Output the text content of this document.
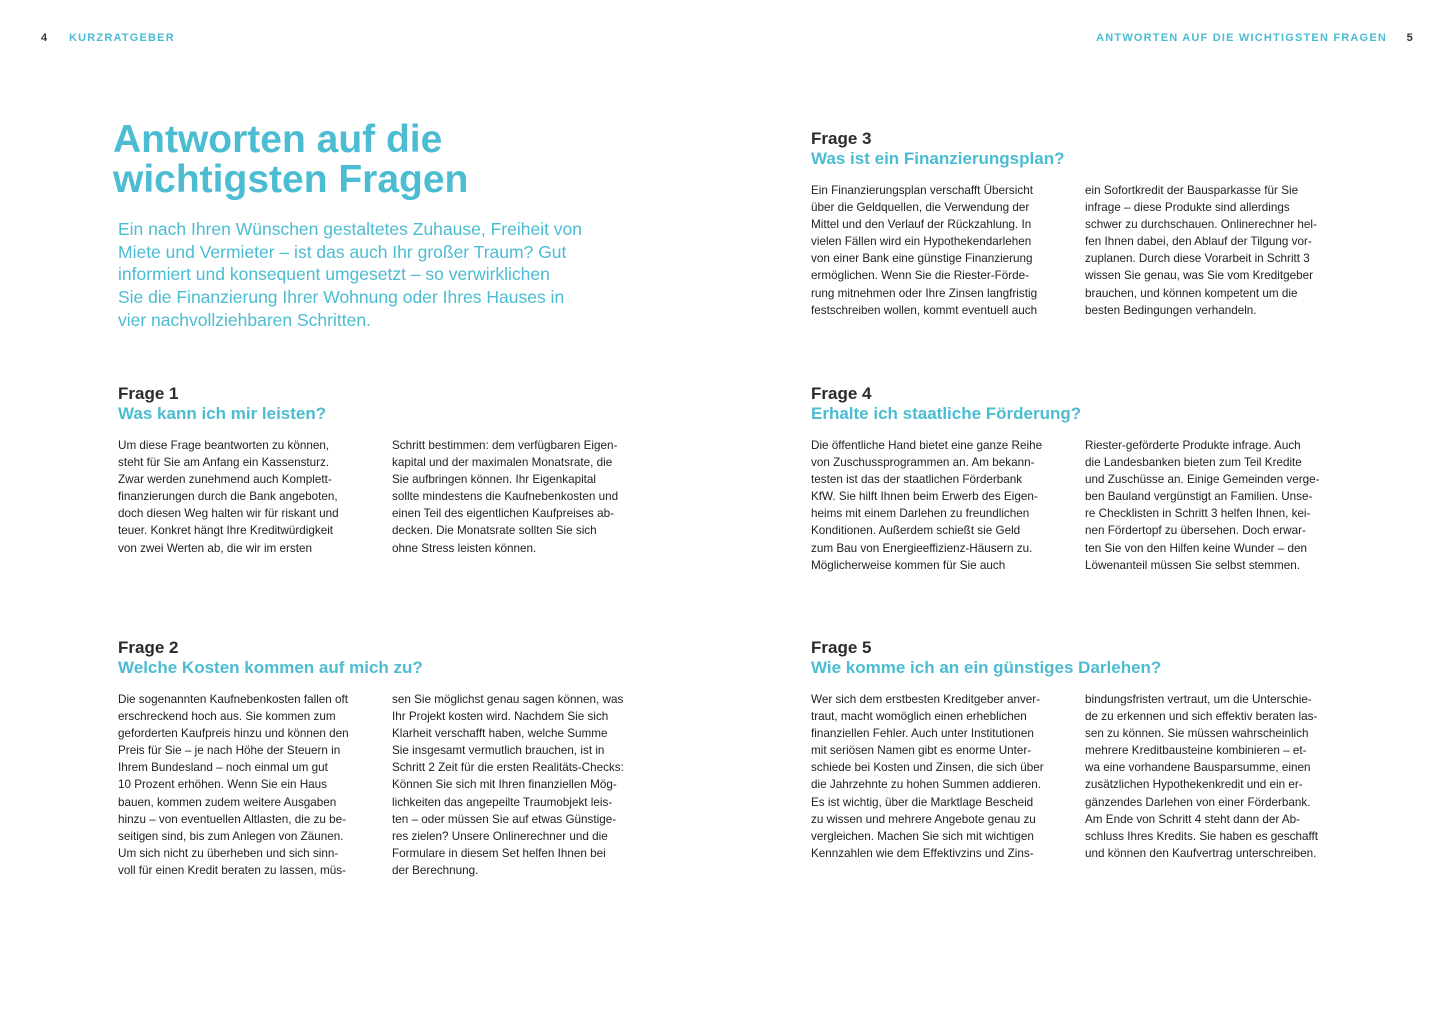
4 KURZRATGEBER	ANTWORTEN AUF DIE WICHTIGSTEN FRAGEN 5
Antworten auf die
wichtigsten Fragen

Ein nach Ihren Wünschen gestaltetes Zuhause, Freiheit von
Miete und Vermieter – ist das auch Ihr großer Traum? Gut
informiert und konsequent umgesetzt – so verwirklichen
Sie die Finanzierung Ihrer Wohnung oder Ihres Hauses in
vier nachvollziehbaren Schritten.

Frage 1
Was kann ich mir leisten?

Um diese Frage beantworten zu können,
steht für Sie am Anfang ein Kassensturz.
Zwar werden zunehmend auch Komplett-
finanzierungen durch die Bank angeboten,
doch diesen Weg halten wir für riskant und
teuer. Konkret hängt Ihre Kreditwürdigkeit
von zwei Werten ab, die wir im ersten

Schritt bestimmen: dem verfügbaren Eigen-
kapital und der maximalen Monatsrate, die
Sie aufbringen können. Ihr Eigenkapital
sollte mindestens die Kaufnebenkosten und
einen Teil des eigentlichen Kaufpreises ab-
decken. Die Monatsrate sollten Sie sich
ohne Stress leisten können.

Frage 2
Welche Kosten kommen auf mich zu?

Die sogenannten Kaufnebenkosten fallen oft
erschreckend hoch aus. Sie kommen zum
geforderten Kaufpreis hinzu und können den
Preis für Sie – je nach Höhe der Steuern in
Ihrem Bundesland – noch einmal um gut
10 Prozent erhöhen. Wenn Sie ein Haus
bauen, kommen zudem weitere Ausgaben
hinzu – von eventuellen Altlasten, die zu be-
seitigen sind, bis zum Anlegen von Zäunen.
Um sich nicht zu überheben und sich sinn-
voll für einen Kredit beraten zu lassen, müs-

sen Sie möglichst genau sagen können, was
Ihr Projekt kosten wird. Nachdem Sie sich
Klarheit verschafft haben, welche Summe
Sie insgesamt vermutlich brauchen, ist in
Schritt 2 Zeit für die ersten Realitäts-Checks:
Können Sie sich mit Ihren finanziellen Mög-
lichkeiten das angepeilte Traumobjekt leis-
ten – oder müssen Sie auf etwas Günstige-
res zielen? Unsere Onlinerechner und die
Formulare in diesem Set helfen Ihnen bei
der Berechnung.

Frage 3
Was ist ein Finanzierungsplan?

Ein Finanzierungsplan verschafft Übersicht
über die Geldquellen, die Verwendung der
Mittel und den Verlauf der Rückzahlung. In
vielen Fällen wird ein Hypothekendarlehen
von einer Bank eine günstige Finanzierung
ermöglichen. Wenn Sie die Riester-Förde-
rung mitnehmen oder Ihre Zinsen langfristig
festschreiben wollen, kommt eventuell auch

ein Sofortkredit der Bausparkasse für Sie
infrage – diese Produkte sind allerdings
schwer zu durchschauen. Onlinerechner hel-
fen Ihnen dabei, den Ablauf der Tilgung vor-
zuplanen. Durch diese Vorarbeit in Schritt 3
wissen Sie genau, was Sie vom Kreditgeber
brauchen, und können kompetent um die
besten Bedingungen verhandeln.

Frage 4
Erhalte ich staatliche Förderung?

Die öffentliche Hand bietet eine ganze Reihe
von Zuschussprogrammen an. Am bekann-
testen ist das der staatlichen Förderbank
KfW. Sie hilft Ihnen beim Erwerb des Eigen-
heims mit einem Darlehen zu freundlichen
Konditionen. Außerdem schießt sie Geld
zum Bau von Energieeffizienz-Häusern zu.
Möglicherweise kommen für Sie auch

Riester-geförderte Produkte infrage. Auch
die Landesbanken bieten zum Teil Kredite
und Zuschüsse an. Einige Gemeinden verge-
ben Bauland vergünstigt an Familien. Unse-
re Checklisten in Schritt 3 helfen Ihnen, kei-
nen Fördertopf zu übersehen. Doch erwar-
ten Sie von den Hilfen keine Wunder – den
Löwenanteil müssen Sie selbst stemmen.

Frage 5
Wie komme ich an ein günstiges Darlehen?

Wer sich dem erstbesten Kreditgeber anver-
traut, macht womöglich einen erheblichen
finanziellen Fehler. Auch unter Institutionen
mit seriösen Namen gibt es enorme Unter-
schiede bei Kosten und Zinsen, die sich über
die Jahrzehnte zu hohen Summen addieren.
Es ist wichtig, über die Marktlage Bescheid
zu wissen und mehrere Angebote genau zu
vergleichen. Machen Sie sich mit wichtigen
Kennzahlen wie dem Effektivzins und Zins-

bindungsfristen vertraut, um die Unterschie-
de zu erkennen und sich effektiv beraten las-
sen zu können. Sie müssen wahrscheinlich
mehrere Kreditbausteine kombinieren – et-
wa eine vorhandene Bausparsumme, einen
zusätzlichen Hypothekenkredit und ein er-
gänzendes Darlehen von einer Förderbank.
Am Ende von Schritt 4 steht dann der Ab-
schluss Ihres Kredits. Sie haben es geschafft
und können den Kaufvertrag unterschreiben.
